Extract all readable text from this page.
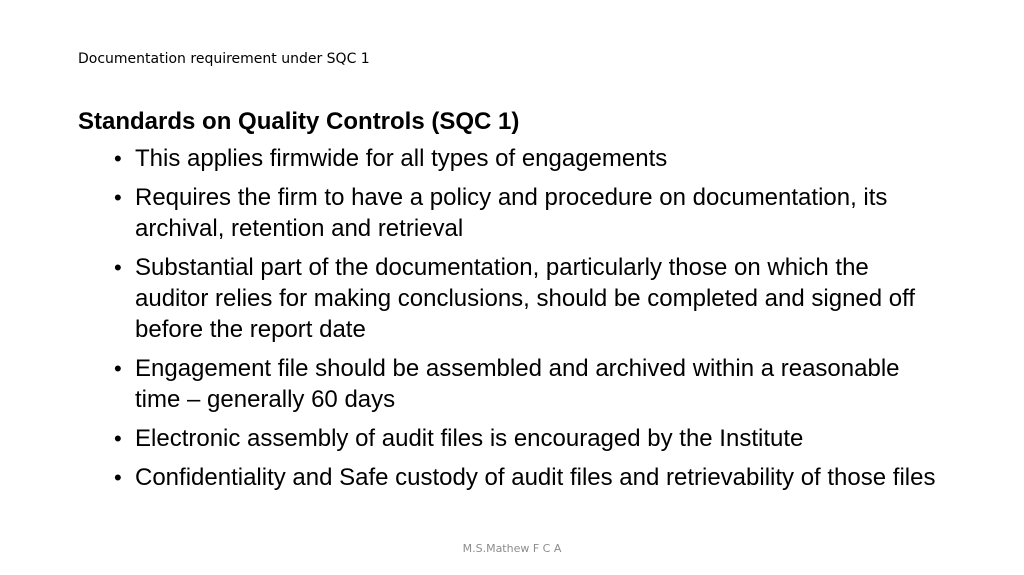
Documentation requirement under SQC 1
Standards on Quality Controls (SQC 1)
• This applies firmwide for all types of engagements
• Requires the firm to have a policy and procedure on documentation, its archival, retention and retrieval
• Substantial part of the documentation, particularly those on which the auditor relies for making conclusions, should be completed and signed off before the report date
• Engagement file should be assembled and archived within a reasonable time – generally 60 days
• Electronic assembly of audit files is encouraged by the Institute
• Confidentiality and Safe custody of audit files and retrievability of those files
M.S.Mathew F C A
